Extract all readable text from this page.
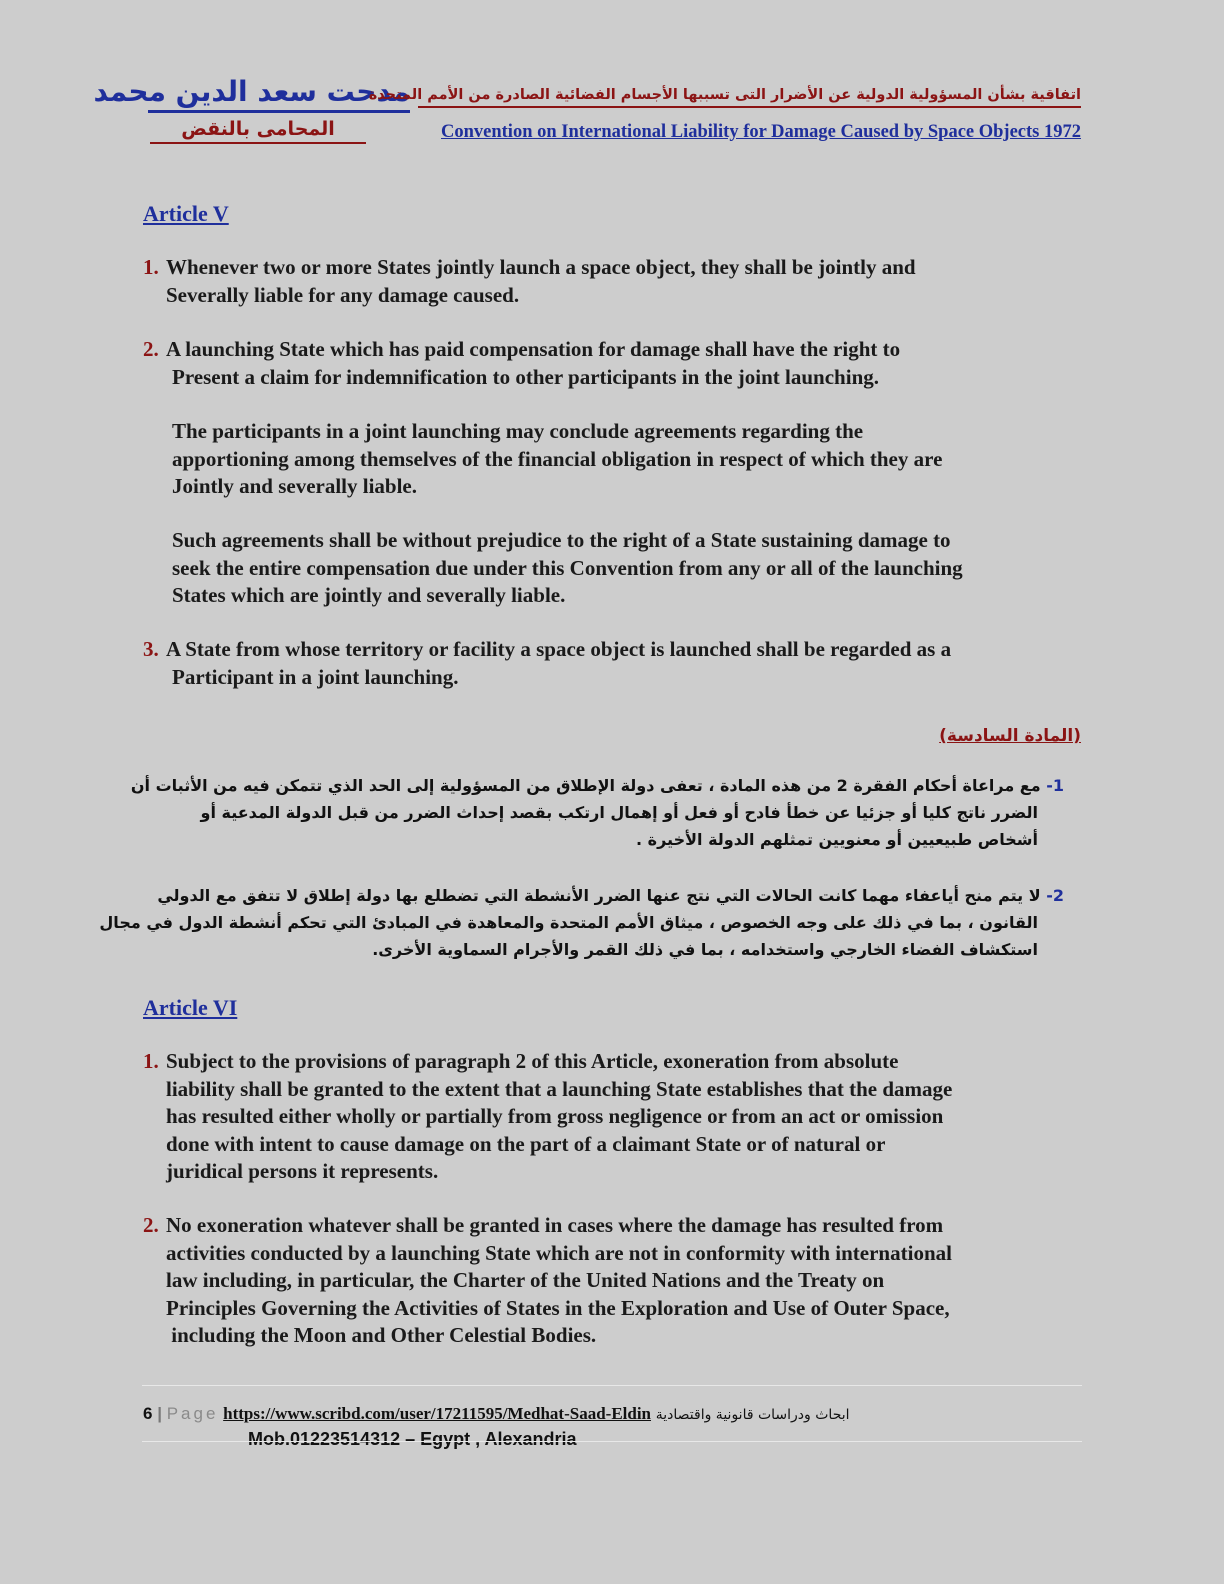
مدحت سعد الدين محمد
المحامى بالنقض
اتفاقية بشأن المسؤولية الدولية عن الأضرار التى تسببها الأجسام الفضائية الصادرة من الأمم المتحدة
Convention on International Liability for Damage Caused by Space Objects 1972
Article V
1. Whenever two or more States jointly launch a space object, they shall be jointly and
Severally liable for any damage caused.
2. A launching State which has paid compensation for damage shall have the right to
Present a claim for indemnification to other participants in the joint launching.
The participants in a joint launching may conclude agreements regarding the
apportioning among themselves of the financial obligation in respect of which they are
Jointly and severally liable.
Such agreements shall be without prejudice to the right of a State sustaining damage to
seek the entire compensation due under this Convention from any or all of the launching
States which are jointly and severally liable.
3. A State from whose territory or facility a space object is launched shall be regarded as a
Participant in a joint launching.
(المادة السادسة)
1- مع مراعاة أحكام الفقرة 2 من هذه المادة ، تعفى دولة الإطلاق من المسؤولية إلى الحد الذي تتمكن فيه من الأثبات أن
الضرر ناتج كليا أو جزئيا عن خطأ فادح أو فعل أو إهمال ارتكب بقصد إحداث الضرر من قبل الدولة المدعية أو
أشخاص طبيعيين أو معنويين تمثلهم الدولة الأخيرة .
2- لا يتم منح أياعفاء مهما كانت الحالات التي نتج عنها الضرر الأنشطة التي تضطلع بها دولة إطلاق لا تتفق مع الدولي
القانون ، بما في ذلك على وجه الخصوص ، ميثاق الأمم المتحدة والمعاهدة في المبادئ التي تحكم أنشطة الدول في مجال
استكشاف الفضاء الخارجي واستخدامه ، بما في ذلك القمر والأجرام السماوية الأخرى.
Article VI
1. Subject to the provisions of paragraph 2 of this Article, exoneration from absolute
liability shall be granted to the extent that a launching State establishes that the damage
has resulted either wholly or partially from gross negligence or from an act or omission
done with intent to cause damage on the part of a claimant State or of natural or
juridical persons it represents.
2. No exoneration whatever shall be granted in cases where the damage has resulted from
activities conducted by a launching State which are not in conformity with international
law including, in particular, the Charter of the United Nations and the Treaty on
Principles Governing the Activities of States in the Exploration and Use of Outer Space,
including the Moon and Other Celestial Bodies.
6 | Page https://www.scribd.com/user/17211595/Medhat-Saad-Eldin ابحاث ودراسات قانونية واقتصادية
Mob.01223514312 – Egypt , Alexandria
